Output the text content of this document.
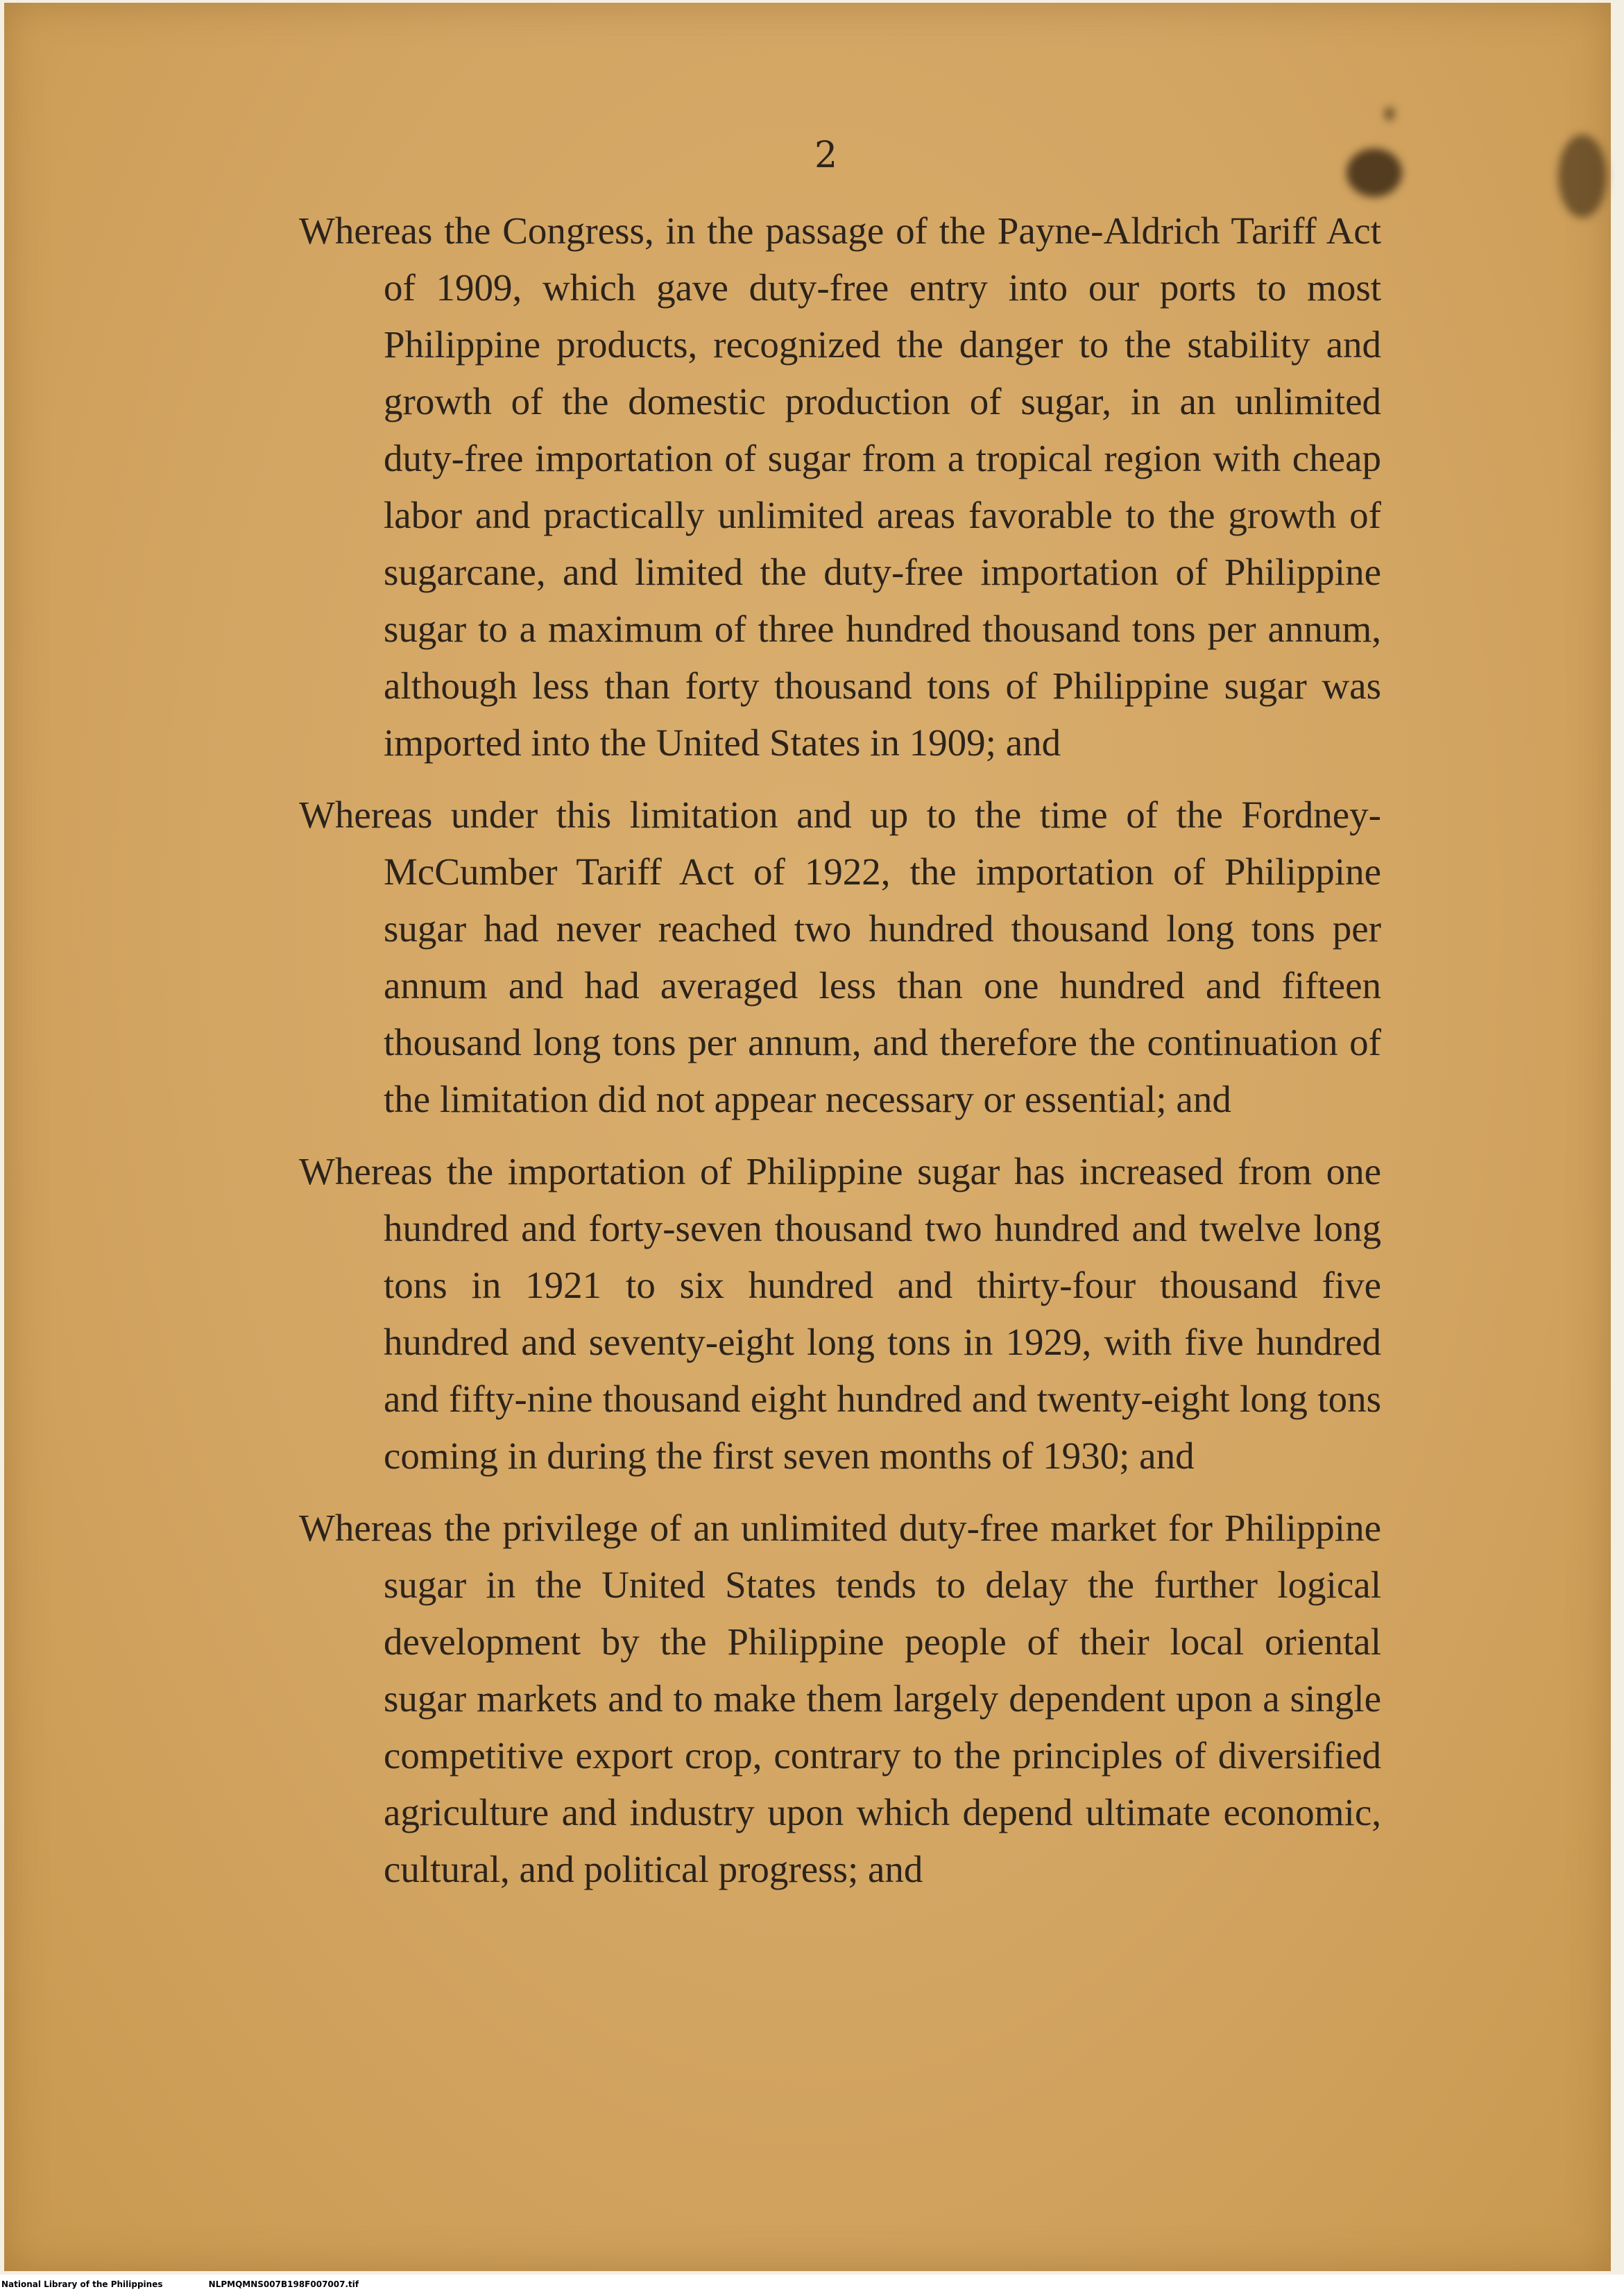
2

Whereas the Congress, in the passage of the Payne-Aldrich Tariff Act of 1909, which gave duty-free entry into our ports to most Philippine products, recognized the danger to the stability and growth of the domestic production of sugar, in an unlimited duty-free importation of sugar from a tropical region with cheap labor and practically unlimited areas favorable to the growth of sugarcane, and limited the duty-free importation of Philippine sugar to a maximum of three hundred thousand tons per annum, although less than forty thousand tons of Philippine sugar was imported into the United States in 1909; and

Whereas under this limitation and up to the time of the Fordney-McCumber Tariff Act of 1922, the importation of Philippine sugar had never reached two hundred thousand long tons per annum and had averaged less than one hundred and fifteen thousand long tons per annum, and therefore the continuation of the limitation did not appear necessary or essential; and

Whereas the importation of Philippine sugar has increased from one hundred and forty-seven thousand two hundred and twelve long tons in 1921 to six hundred and thirty-four thousand five hundred and seventy-eight long tons in 1929, with five hundred and fifty-nine thousand eight hundred and twenty-eight long tons coming in during the first seven months of 1930; and

Whereas the privilege of an unlimited duty-free market for Philippine sugar in the United States tends to delay the further logical development by the Philippine people of their local oriental sugar markets and to make them largely dependent upon a single competitive export crop, contrary to the principles of diversified agriculture and industry upon which depend ultimate economic, cultural, and political progress; and

National Library of the Philippines	NLPMQMNS007B198F007007.tif
